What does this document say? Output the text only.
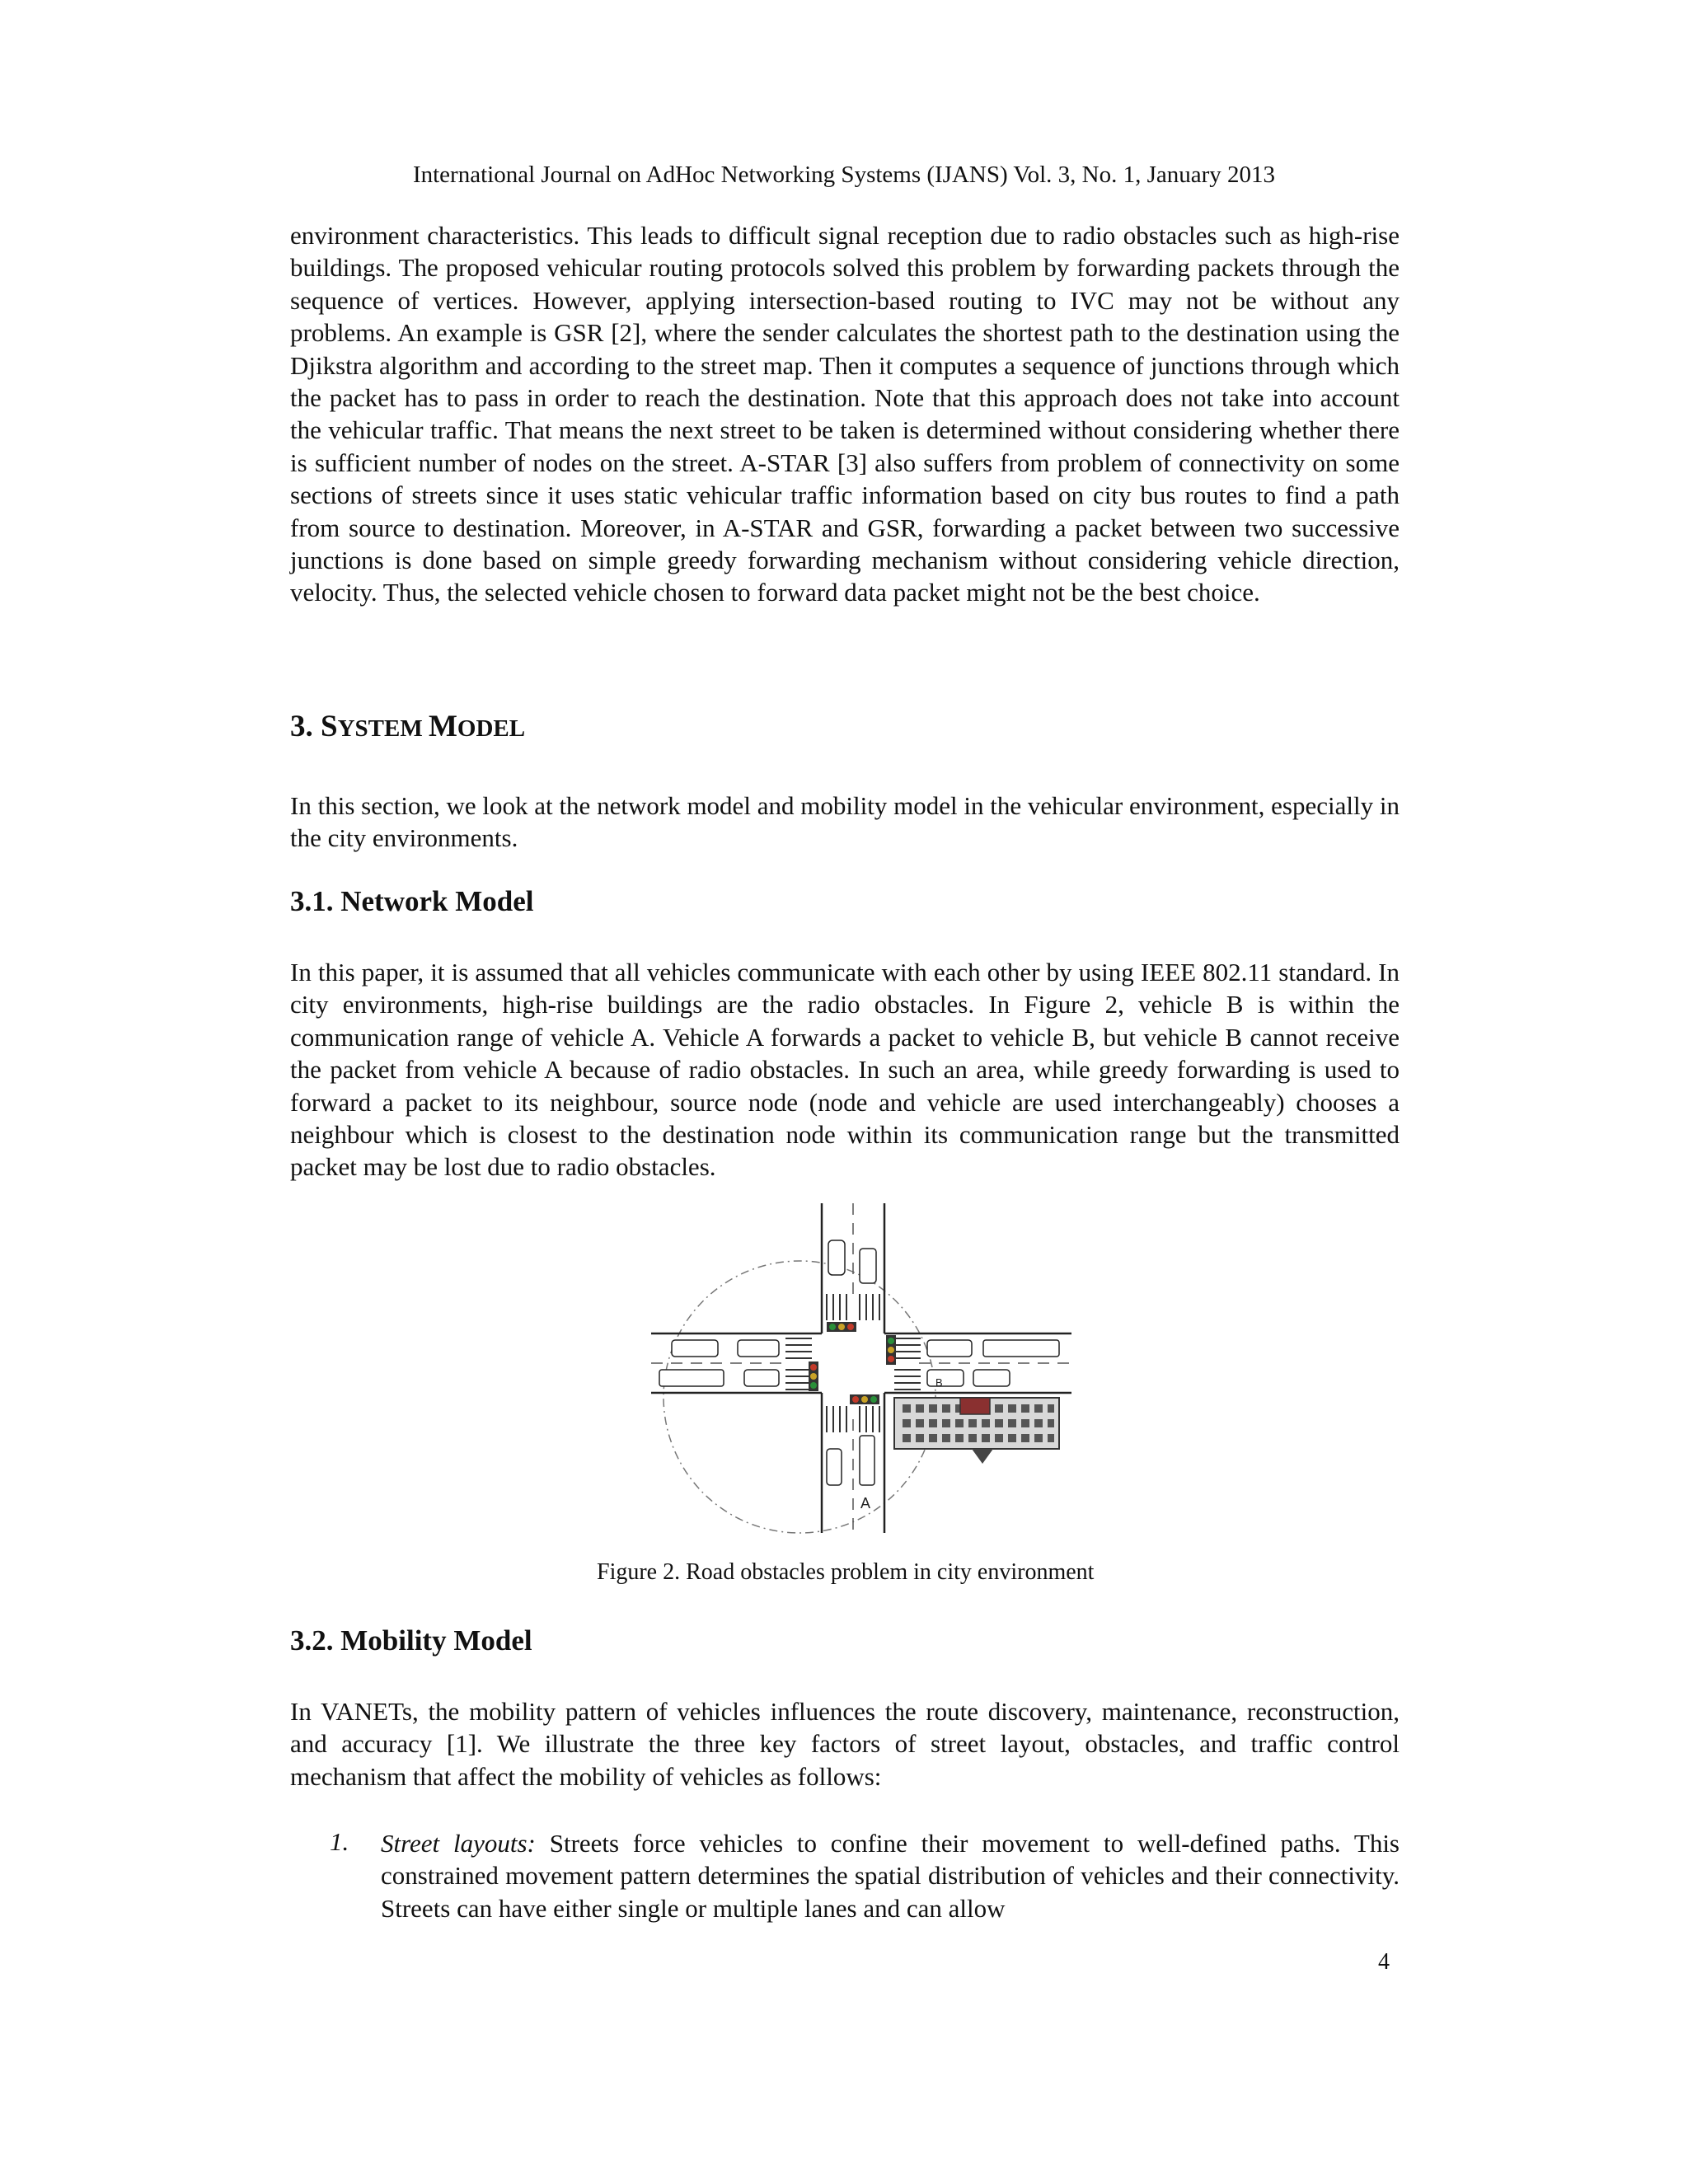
International Journal on AdHoc Networking Systems (IJANS) Vol. 3, No. 1, January 2013

environment characteristics. This leads to difficult signal reception due to radio obstacles such as high-rise buildings. The proposed vehicular routing protocols solved this problem by forwarding packets through the sequence of vertices. However, applying intersection-based routing to IVC may not be without any problems. An example is GSR [2], where the sender calculates the shortest path to the destination using the Djikstra algorithm and according to the street map. Then it computes a sequence of junctions through which the packet has to pass in order to reach the destination. Note that this approach does not take into account the vehicular traffic. That means the next street to be taken is determined without considering whether there is sufficient number of nodes on the street. A-STAR [3] also suffers from problem of connectivity on some sections of streets since it uses static vehicular traffic information based on city bus routes to find a path from source to destination. Moreover, in A-STAR and GSR, forwarding a packet between two successive junctions is done based on simple greedy forwarding mechanism without considering vehicle direction, velocity. Thus, the selected vehicle chosen to forward data packet might not be the best choice.

3. SYSTEM MODEL

In this section, we look at the network model and mobility model in the vehicular environment, especially in the city environments.

3.1. Network Model

In this paper, it is assumed that all vehicles communicate with each other by using IEEE 802.11 standard. In city environments, high-rise buildings are the radio obstacles. In Figure 2, vehicle B is within the communication range of vehicle A. Vehicle A forwards a packet to vehicle B, but vehicle B cannot receive the packet from vehicle A because of radio obstacles. In such an area, while greedy forwarding is used to forward a packet to its neighbour, source node (node and vehicle are used interchangeably) chooses a neighbour which is closest to the destination node within its communication range but the transmitted packet may be lost due to radio obstacles.

A
B
Figure 2. Road obstacles problem in city environment
3.2. Mobility Model

In VANETs, the mobility pattern of vehicles influences the route discovery, maintenance, reconstruction, and accuracy [1]. We illustrate the three key factors of street layout, obstacles, and traffic control mechanism that affect the mobility of vehicles as follows:

1. Street layouts: Streets force vehicles to confine their movement to well-defined paths. This constrained movement pattern determines the spatial distribution of vehicles and their connectivity. Streets can have either single or multiple lanes and can allow

4
